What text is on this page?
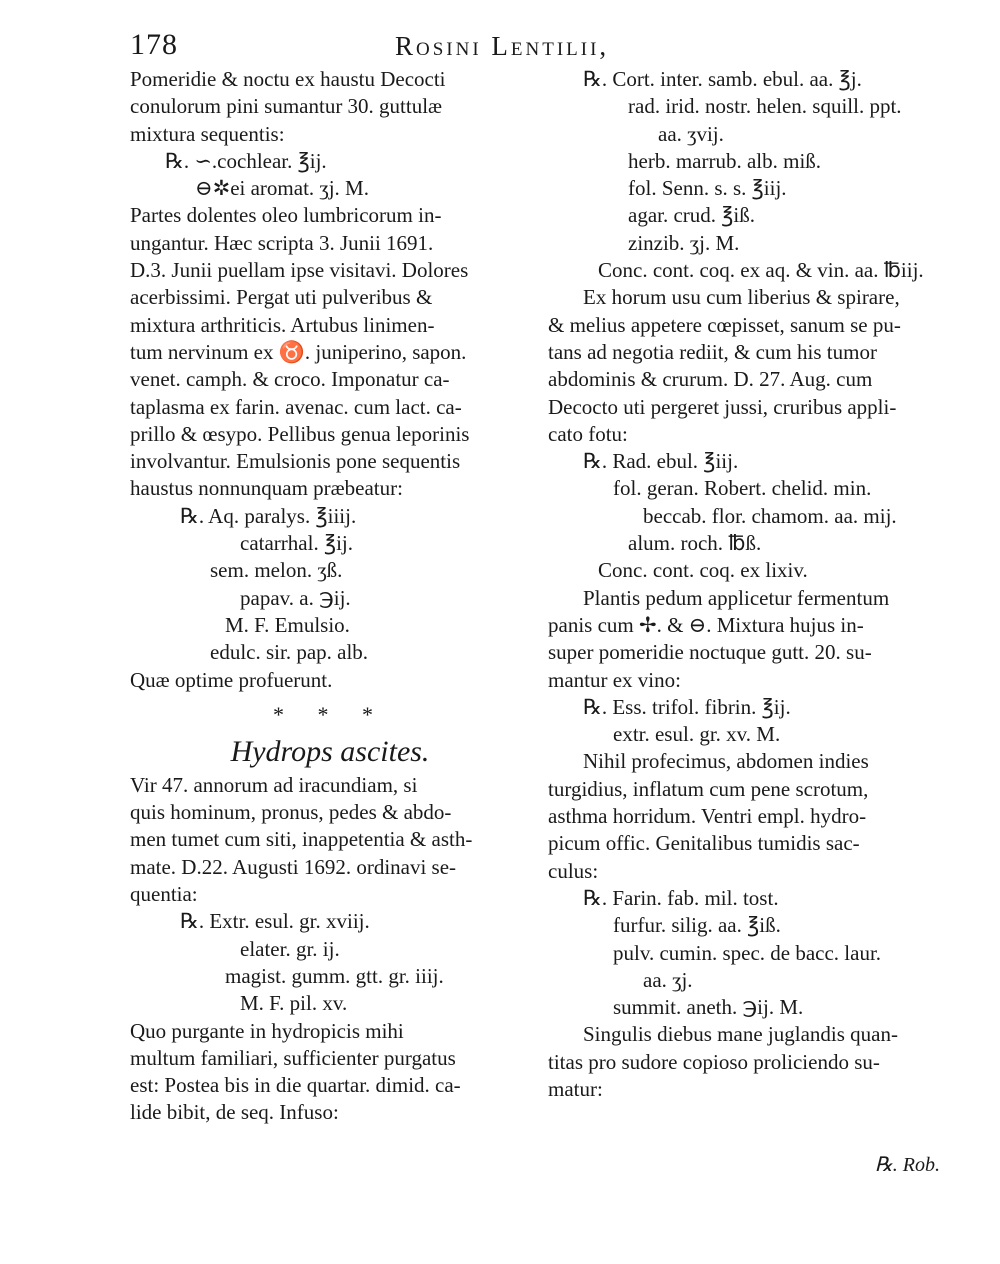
178	Rosini Lentilii,
Pomeridie & noctu ex haustu Decocti
conulorum pini sumantur 30. guttulæ
mixtura sequentis:
℞. ∽.cochlear. ℥ij.
⊖✲ei aromat. ʒj. M.
Partes dolentes oleo lumbricorum in-
ungantur. Hæc scripta 3. Junii 1691.
D.3. Junii puellam ipse visitavi. Dolores
acerbissimi. Pergat uti pulveribus &
mixtura arthriticis. Artubus linimen-
tum nervinum ex ♉. juniperino, sapon.
venet. camph. & croco. Imponatur ca-
taplasma ex farin. avenac. cum lact. ca-
prillo & œsypo. Pellibus genua leporinis
involvantur. Emulsionis pone sequentis
haustus nonnunquam præbeatur:
℞. Aq. paralys. ℥iiij.
catarrhal. ℥ij.
sem. melon. ʒß.
papav. a. ℈ij.
M. F. Emulsio.
edulc. sir. pap. alb.
Quæ optime profuerunt.
* * *
Hydrops ascites.
Vir 47. annorum ad iracundiam, si
quis hominum, pronus, pedes & abdo-
men tumet cum siti, inappetentia & asth-
mate. D.22. Augusti 1692. ordinavi se-
quentia:
℞. Extr. esul. gr. xviij.
elater. gr. ij.
magist. gumm. gtt. gr. iiij.
M. F. pil. xv.
Quo purgante in hydropicis mihi
multum familiari, sufficienter purgatus
est: Postea bis in die quartar. dimid. ca-
lide bibit, de seq. Infuso:
℞. Cort. inter. samb. ebul. aa. ℥j.
rad. irid. nostr. helen. squill. ppt.
aa. ʒvij.
herb. marrub. alb. miß.
fol. Senn. s. s. ℥iij.
agar. crud. ℥iß.
zinzib. ʒj. M.
Conc. cont. coq. ex aq. & vin. aa. ℔iij.
Ex horum usu cum liberius & spirare,
& melius appetere cœpisset, sanum se pu-
tans ad negotia rediit, & cum his tumor
abdominis & crurum. D. 27. Aug. cum
Decocto uti pergeret jussi, cruribus appli-
cato fotu:
℞. Rad. ebul. ℥iij.
fol. geran. Robert. chelid. min.
beccab. flor. chamom. aa. mij.
alum. roch. ℔ß.
Conc. cont. coq. ex lixiv.
Plantis pedum applicetur fermentum
panis cum ✢. & ⊖. Mixtura hujus in-
super pomeridie noctuque gutt. 20. su-
mantur ex vino:
℞. Ess. trifol. fibrin. ℥ij.
extr. esul. gr. xv. M.
Nihil profecimus, abdomen indies
turgidius, inflatum cum pene scrotum,
asthma horridum. Ventri empl. hydro-
picum offic. Genitalibus tumidis sac-
culus:
℞. Farin. fab. mil. tost.
furfur. silig. aa. ℥iß.
pulv. cumin. spec. de bacc. laur.
aa. ʒj.
summit. aneth. ℈ij. M.
Singulis diebus mane juglandis quan-
titas pro sudore copioso proliciendo su-
matur:
℞. Rob.
